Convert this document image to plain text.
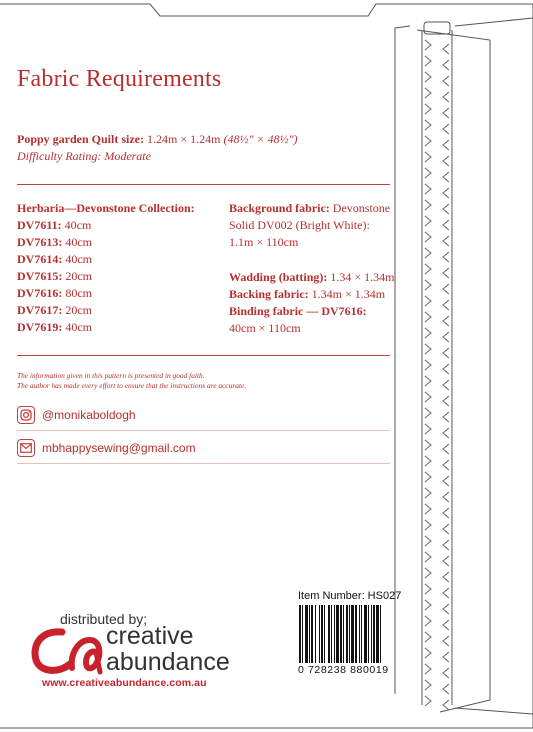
Fabric Requirements
Poppy garden Quilt size: 1.24m × 1.24m (48½″ × 48½″)
Difficulty Rating: Moderate
Herbaria—Devonstone Collection:
DV7611: 40cm
DV7613: 40cm
DV7614: 40cm
DV7615: 20cm
DV7616: 80cm
DV7617: 20cm
DV7619: 40cm
Background fabric: Devonstone
Solid DV002 (Bright White):
1.1m × 110cm
Wadding (batting): 1.34 × 1.34m
Backing fabric: 1.34m × 1.34m
Binding fabric — DV7616:
40cm × 110cm
The information given in this pattern is presented in good faith.
The author has made every effort to ensure that the instructions are accurate.
@monikaboldogh
mbhappysewing@gmail.com
distributed by;
creative
abundance
www.creativeabundance.com.au
Item Number: HS027
0 728238 880019
